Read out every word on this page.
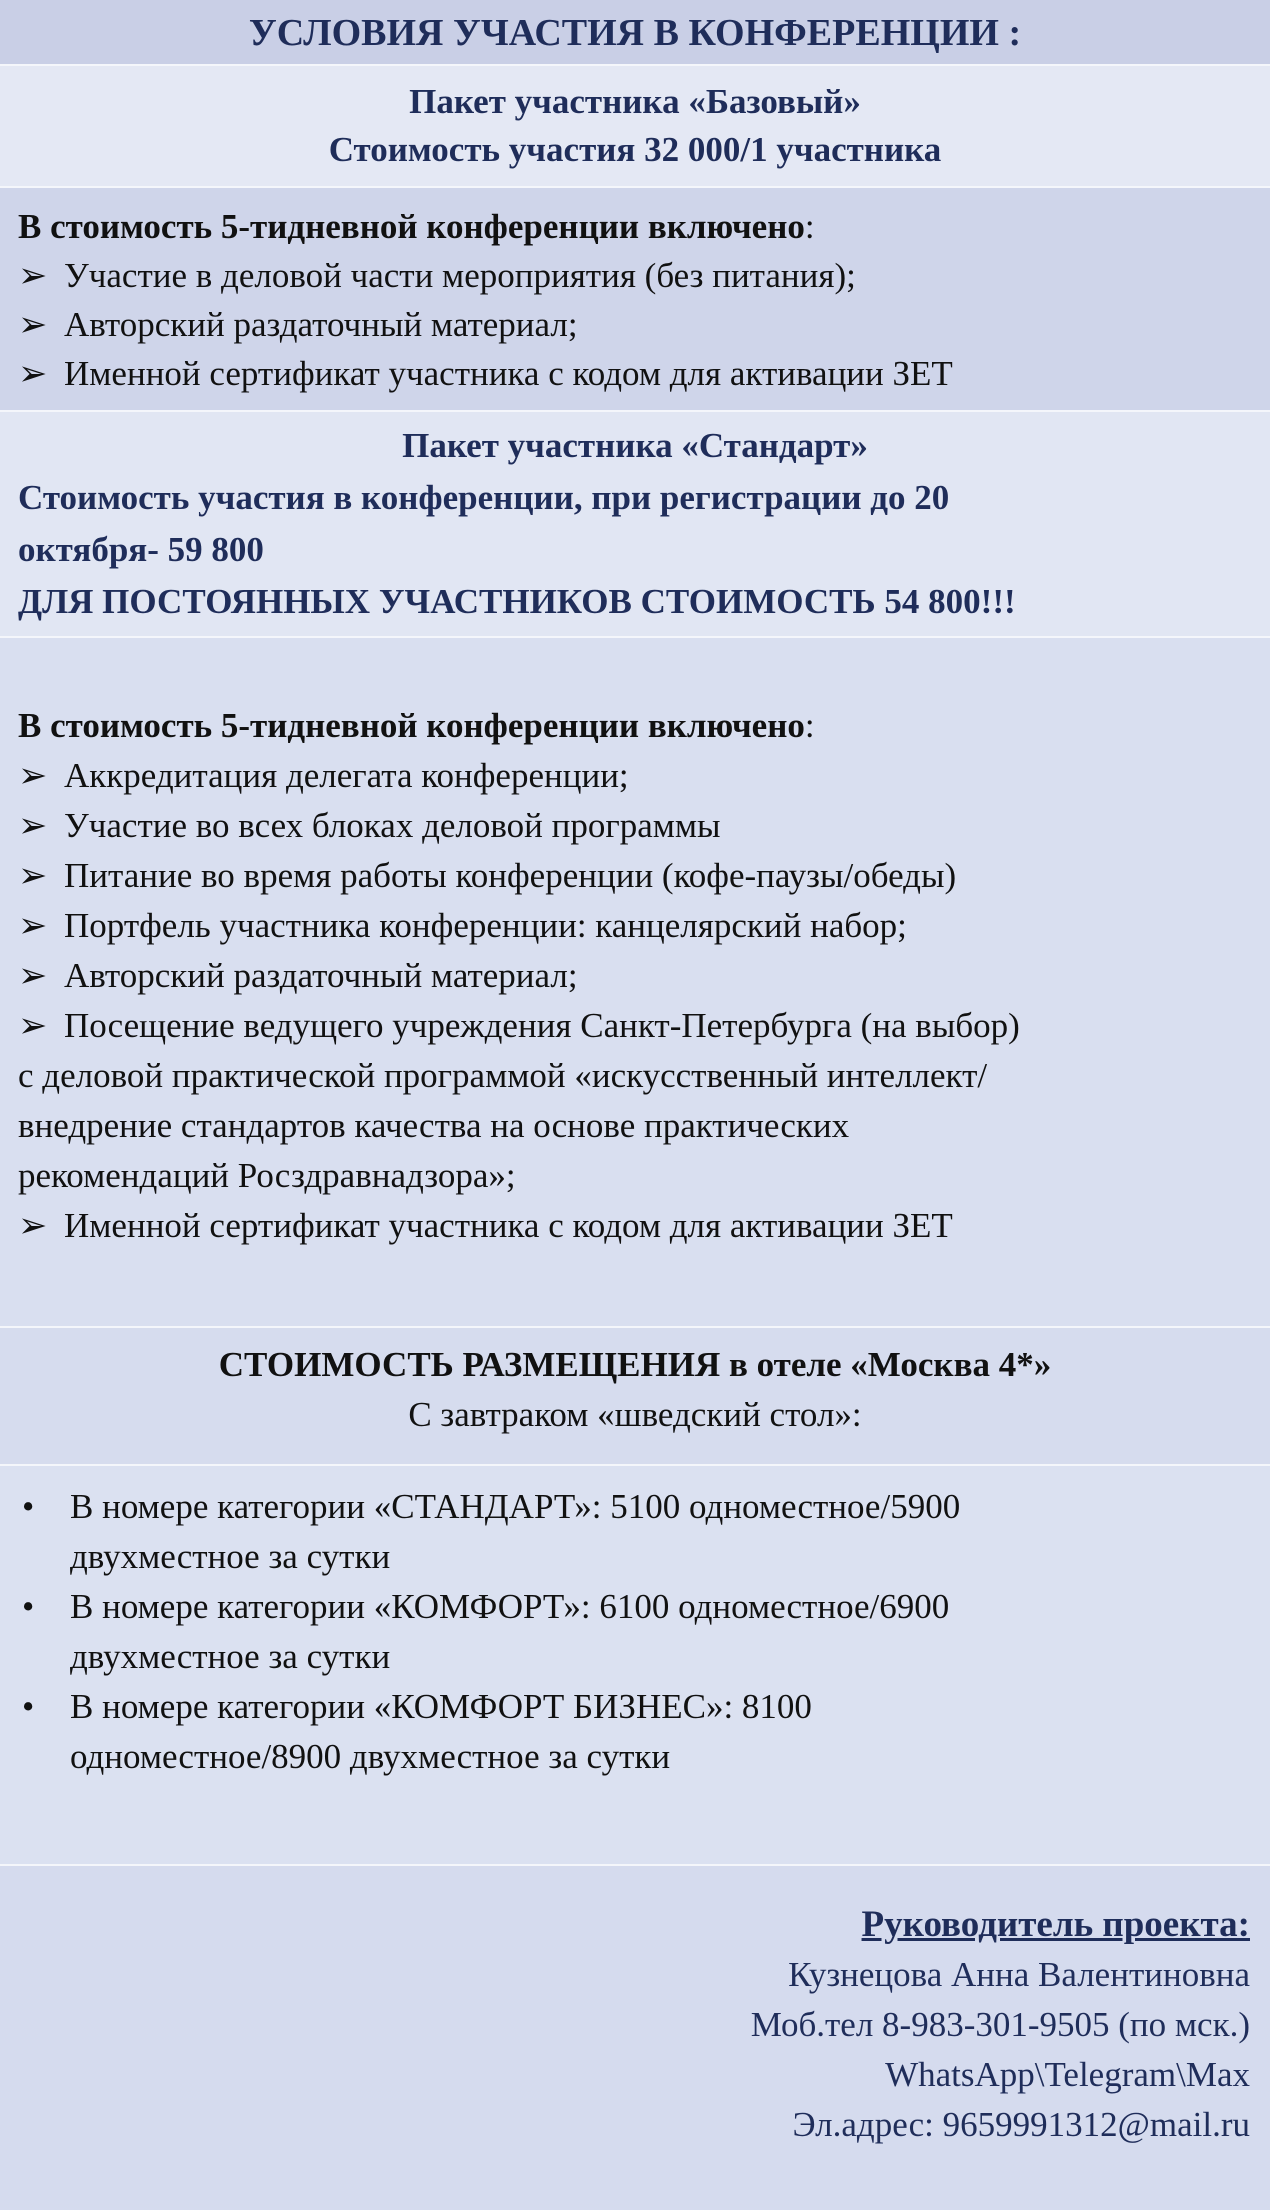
УСЛОВИЯ УЧАСТИЯ В КОНФЕРЕНЦИИ :
Пакет участника «Базовый»
Стоимость участия 32 000/1 участника
В стоимость 5-тидневной конференции включено:
➢ Участие в деловой части мероприятия (без питания);
➢ Авторский раздаточный материал;
➢ Именной сертификат участника с кодом для активации ЗЕТ
Пакет участника «Стандарт»
Стоимость участия в конференции, при регистрации до 20
октября- 59 800
ДЛЯ ПОСТОЯННЫХ УЧАСТНИКОВ СТОИМОСТЬ 54 800!!!
В стоимость 5-тидневной конференции включено:
➢ Аккредитация делегата конференции;
➢ Участие во всех блоках деловой программы
➢ Питание во время работы конференции (кофе-паузы/обеды)
➢ Портфель участника конференции: канцелярский набор;
➢ Авторский раздаточный материал;
➢ Посещение ведущего учреждения Санкт-Петербурга (на выбор)
с деловой практической программой «искусственный интеллект/
внедрение стандартов качества на основе практических
рекомендаций Росздравнадзора»;
➢ Именной сертификат участника с кодом для активации ЗЕТ
СТОИМОСТЬ РАЗМЕЩЕНИЯ в отеле «Москва 4*»
С завтраком «шведский стол»:
• В номере категории «СТАНДАРТ»: 5100 одноместное/5900
двухместное за сутки
• В номере категории «КОМФОРТ»: 6100 одноместное/6900
двухместное за сутки
• В номере категории «КОМФОРТ БИЗНЕС»: 8100
одноместное/8900 двухместное за сутки
Руководитель проекта:
Кузнецова Анна Валентиновна
Моб.тел 8-983-301-9505 (по мск.)
WhatsApp\Telegram\Max
Эл.адрес: 9659991312@mail.ru
